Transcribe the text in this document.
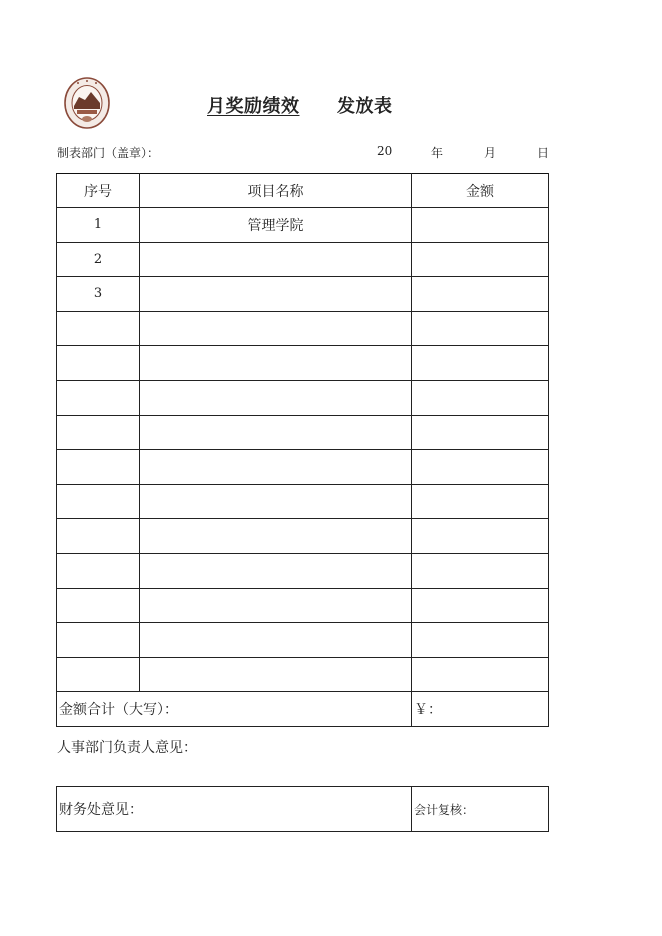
月奖励绩效	发放表
制表部门（盖章）：	20	年	月	日
序号	项目名称	金额
1	管理学院	
2		
3		

金额合计（大写）：		￥：
人事部门负责人意见：
财务处意见：	会计复核：
